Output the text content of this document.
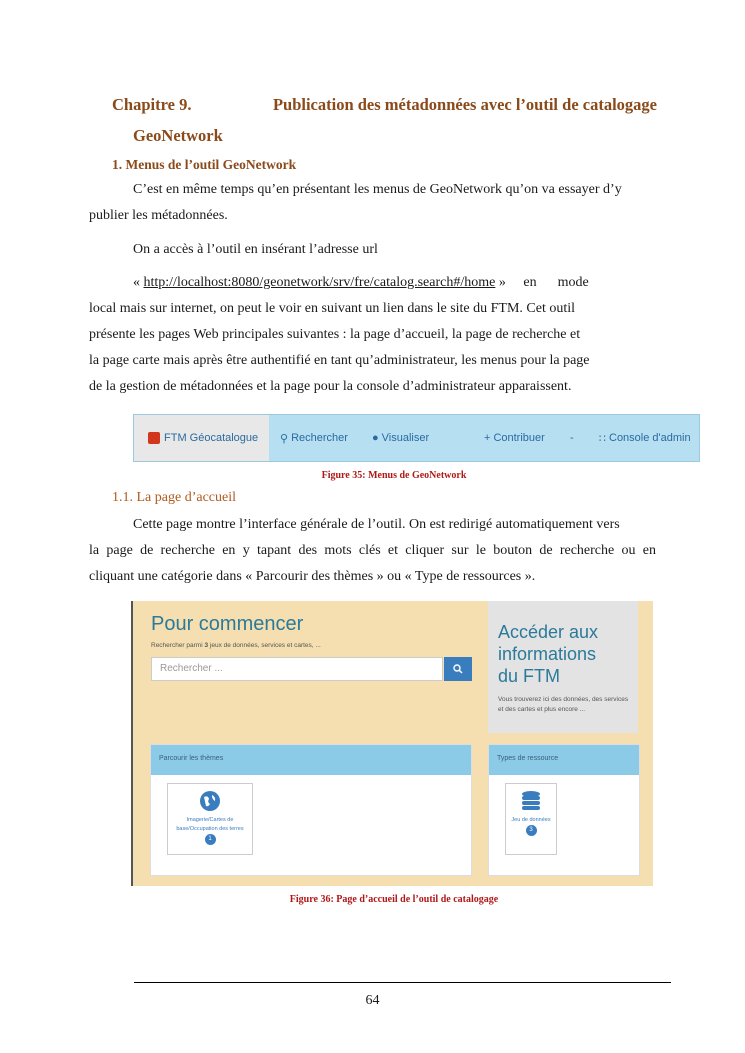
Chapitre 9.	Publication des métadonnées avec l’outil de catalogage
GeoNetwork
1. Menus de l’outil GeoNetwork
C’est en même temps qu’en présentant les menus de GeoNetwork qu’on va essayer d’y
publier les métadonnées.
On a accès à l’outil en insérant l’adresse url
« http://localhost:8080/geonetwork/srv/fre/catalog.search#/home »     en      mode
local mais sur internet, on peut le voir en suivant un lien dans le site du FTM. Cet outil
présente les pages Web principales suivantes : la page d’accueil, la page de recherche et
la page carte mais après être authentifié en tant qu’administrateur, les menus pour la page
de la gestion de métadonnées et la page pour la console d’administrateur apparaissent.
FTM Géocatalogue ⚲ Rechercher ● Visualiser	+ Contribuer - ∷ Console d'admin
Figure 35: Menus de GeoNetwork
1.1. La page d’accueil
Cette page montre l’interface générale de l’outil. On est redirigé automatiquement vers
la page de recherche en y tapant des mots clés et cliquer sur le bouton de recherche ou en
cliquant une catégorie dans « Parcourir des thèmes » ou « Type de ressources ».
Pour commencer
Rechercher parmi 3 jeux de données, services et cartes, ...
Rechercher ...
Accéder aux informations du FTM
Vous trouverez ici des données, des services et des cartes et plus encore ...
Parcourir les thèmes
Imagerie/Cartes de base/Occupation des terres
1
Types de ressource
Jeu de données
3
Figure 36: Page d’accueil de l’outil de catalogage
64
